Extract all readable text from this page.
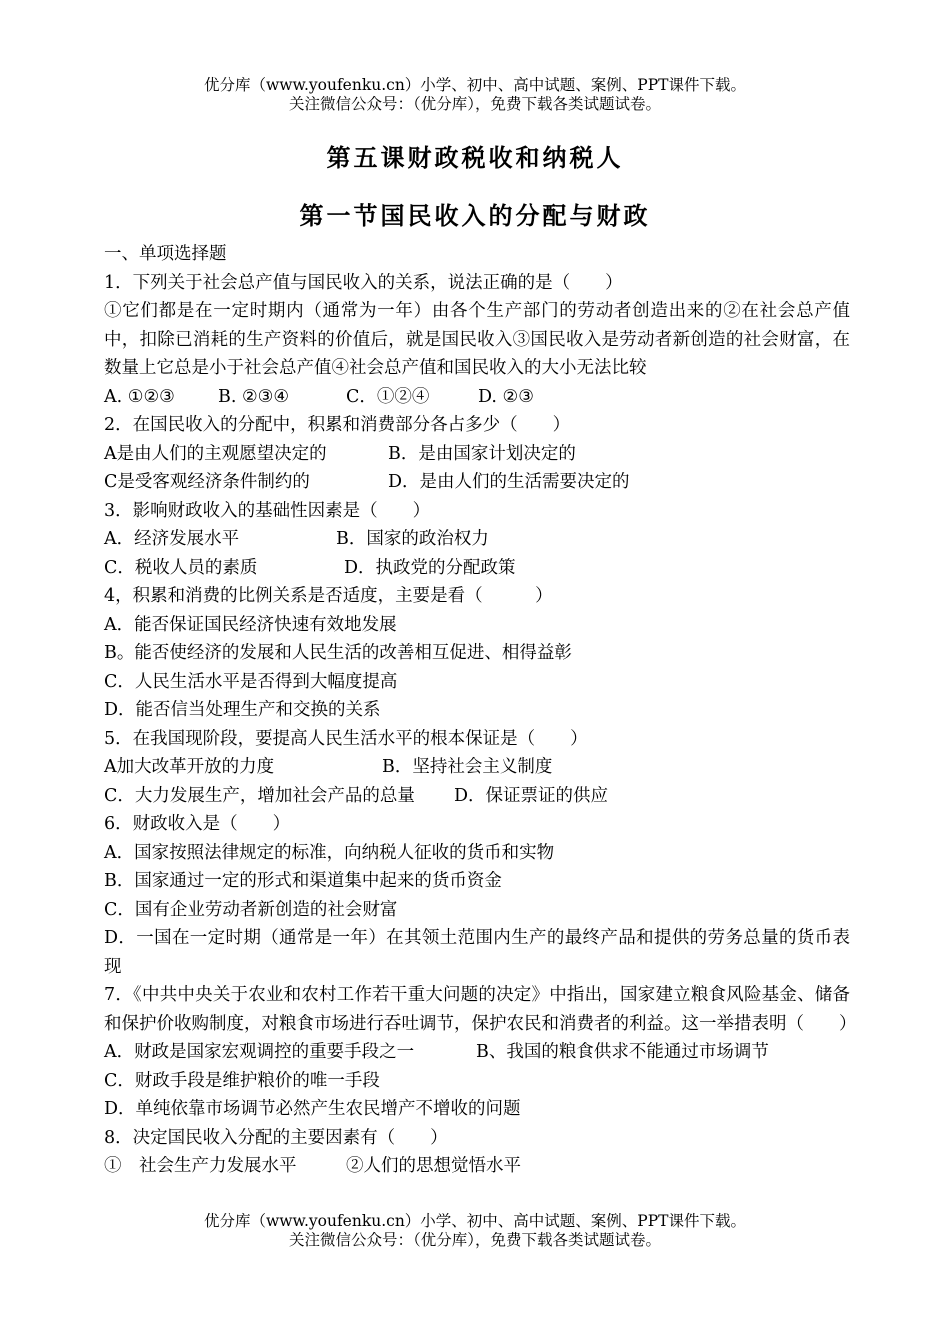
优分库（www.youfenku.cn）小学、初中、高中试题、案例、PPT课件下载。
关注微信公众号：（优分库），免费下载各类试题试卷。
第五课财政税收和纳税人
第一节国民收入的分配与财政
一、单项选择题
1．下列关于社会总产值与国民收入的关系，说法正确的是（　　）
①它们都是在一定时期内（通常为一年）由各个生产部门的劳动者创造出来的②在社会总产值中，扣除已消耗的生产资料的价值后，就是国民收入③国民收入是劳动者新创造的社会财富，在数量上它总是小于社会总产值④社会总产值和国民收入的大小无法比较
A. ①②③ B. ②③④	C．①②④	D. ②③
2．在国民收入的分配中，积累和消费部分各占多少（　　）
A是由人们的主观愿望决定的	B．是由国家计划决定的
C是受客观经济条件制约的	D．是由人们的生活需要决定的
3．影响财政收入的基础性因素是（　　）
A．经济发展水平	B．国家的政治权力
C．税收人员的素质	D．执政党的分配政策
4，积累和消费的比例关系是否适度，主要是看（　　　）
A．能否保证国民经济快速有效地发展
B。能否使经济的发展和人民生活的改善相互促进、相得益彰
C．人民生活水平是否得到大幅度提高
D．能否信当处理生产和交换的关系
5．在我国现阶段，要提高人民生活水平的根本保证是（　　）
A加大改革开放的力度	B．坚持社会主义制度
C．大力发展生产，增加社会产品的总量 D．保证票证的供应
6．财政收入是（　　）
A．国家按照法律规定的标准，向纳税人征收的货币和实物
B．国家通过一定的形式和渠道集中起来的货币资金
C．国有企业劳动者新创造的社会财富
D．一国在一定时期（通常是一年）在其领土范围内生产的最终产品和提供的劳务总量的货币表现
7．《中共中央关于农业和农村工作若干重大问题的决定》中指出，国家建立粮食风险基金、储备和保护价收购制度，对粮食市场进行吞吐调节，保护农民和消费者的利益。这一举措表明（　　）
A．财政是国家宏观调控的重要手段之一	B、我国的粮食供求不能通过市场调节
C．财政手段是维护粮价的唯一手段
D．单纯依靠市场调节必然产生农民增产不增收的问题
8．决定国民收入分配的主要因素有（　　）
①　社会生产力发展水平	②人们的思想觉悟水平
优分库（www.youfenku.cn）小学、初中、高中试题、案例、PPT课件下载。
关注微信公众号：（优分库），免费下载各类试题试卷。
